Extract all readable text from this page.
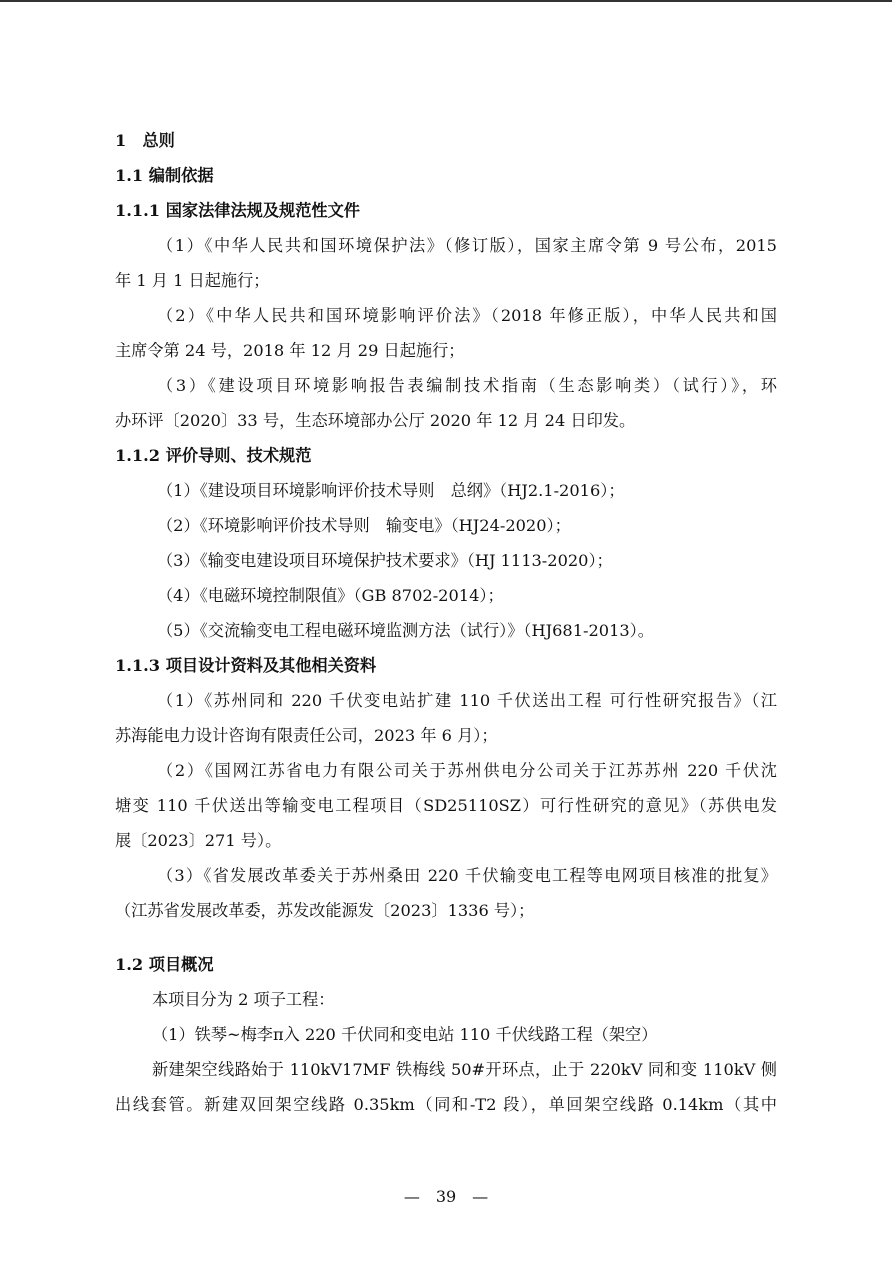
1　总则
1.1 编制依据
1.1.1 国家法律法规及规范性文件
（1）《中华人民共和国环境保护法》（修订版），国家主席令第 9 号公布，2015
年 1 月 1 日起施行；
（2）《中华人民共和国环境影响评价法》（2018 年修正版），中华人民共和国
主席令第 24 号，2018 年 12 月 29 日起施行；
（3）《建设项目环境影响报告表编制技术指南（生态影响类）（试行）》，环
办环评〔2020〕33 号，生态环境部办公厅 2020 年 12 月 24 日印发。
1.1.2 评价导则、技术规范
（1）《建设项目环境影响评价技术导则　总纲》（HJ2.1-2016）；
（2）《环境影响评价技术导则　输变电》（HJ24-2020）；
（3）《输变电建设项目环境保护技术要求》（HJ 1113-2020）；
（4）《电磁环境控制限值》（GB 8702-2014）；
（5）《交流输变电工程电磁环境监测方法（试行）》（HJ681-2013）。
1.1.3 项目设计资料及其他相关资料
（1）《苏州同和 220 千伏变电站扩建 110 千伏送出工程 可行性研究报告》（江
苏海能电力设计咨询有限责任公司，2023 年 6 月）；
（2）《国网江苏省电力有限公司关于苏州供电分公司关于江苏苏州 220 千伏沈
塘变 110 千伏送出等输变电工程项目（SD25110SZ）可行性研究的意见》（苏供电发
展〔2023〕271 号）。
（3）《省发展改革委关于苏州桑田 220 千伏输变电工程等电网项目核准的批复》
（江苏省发展改革委，苏发改能源发〔2023〕1336 号）；
1.2 项目概况
本项目分为 2 项子工程：
（1）铁琴~梅李π入 220 千伏同和变电站 110 千伏线路工程（架空）
新建架空线路始于 110kV17MF 铁梅线 50#开环点，止于 220kV 同和变 110kV 侧
出线套管。新建双回架空线路 0.35km（同和-T2 段），单回架空线路 0.14km（其中
—　39　—
